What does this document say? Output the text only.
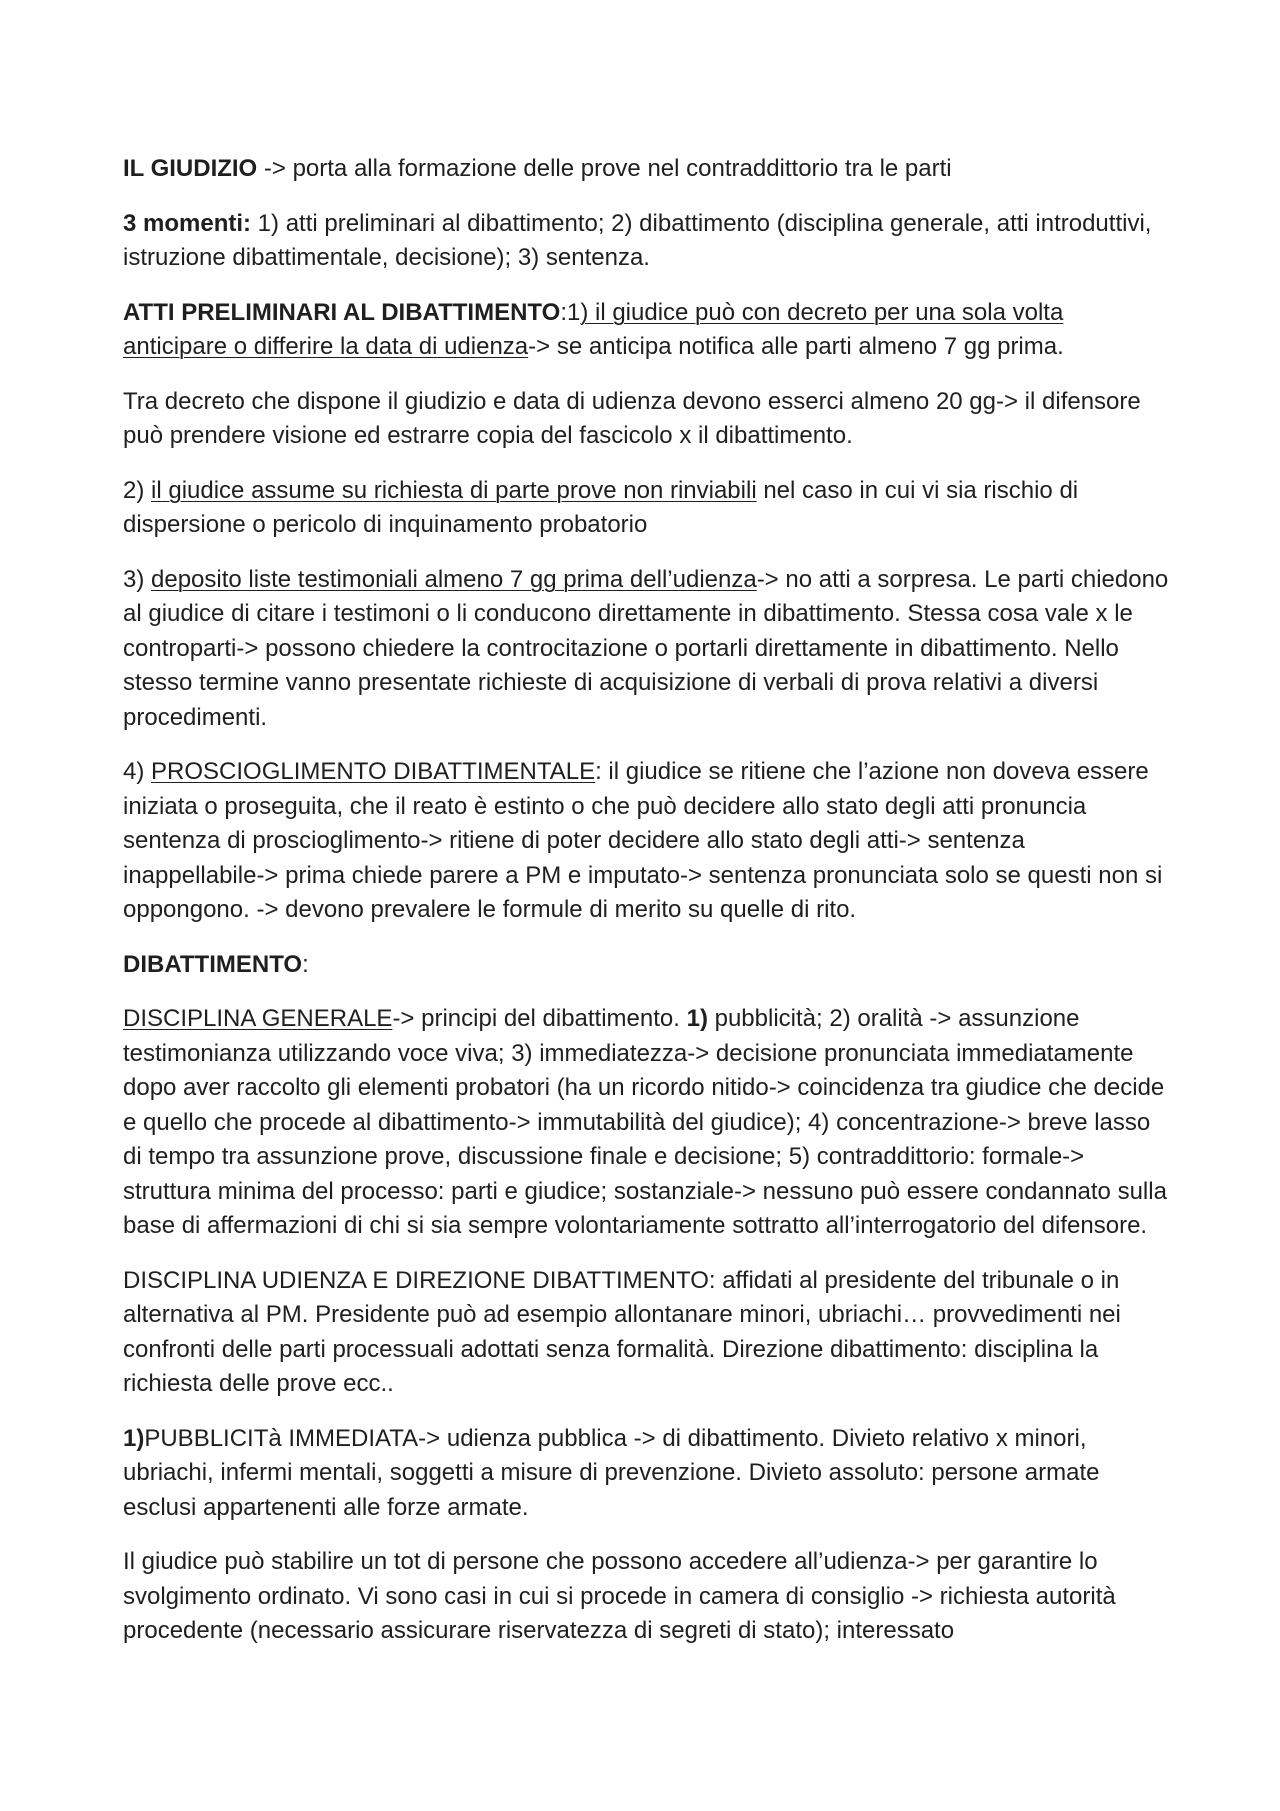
IL GIUDIZIO -> porta alla formazione delle prove nel contraddittorio tra le parti

3 momenti: 1) atti preliminari al dibattimento; 2) dibattimento (disciplina generale, atti introduttivi, istruzione dibattimentale, decisione); 3) sentenza.

ATTI PRELIMINARI AL DIBATTIMENTO:1) il giudice può con decreto per una sola volta anticipare o differire la data di udienza-> se anticipa notifica alle parti almeno 7 gg prima.

Tra decreto che dispone il giudizio e data di udienza devono esserci almeno 20 gg-> il difensore può prendere visione ed estrarre copia del fascicolo x il dibattimento.

2) il giudice assume su richiesta di parte prove non rinviabili nel caso in cui vi sia rischio di dispersione o pericolo di inquinamento probatorio

3) deposito liste testimoniali almeno 7 gg prima dell’udienza-> no atti a sorpresa. Le parti chiedono al giudice di citare i testimoni o li conducono direttamente in dibattimento. Stessa cosa vale x le controparti-> possono chiedere la controcitazione o portarli direttamente in dibattimento. Nello stesso termine vanno presentate richieste di acquisizione di verbali di prova relativi a diversi procedimenti.

4) PROSCIOGLIMENTO DIBATTIMENTALE: il giudice se ritiene che l’azione non doveva essere iniziata o proseguita, che il reato è estinto o che può decidere allo stato degli atti pronuncia sentenza di proscioglimento-> ritiene di poter decidere allo stato degli atti-> sentenza inappellabile-> prima chiede parere a PM e imputato-> sentenza pronunciata solo se questi non si oppongono. -> devono prevalere le formule di merito su quelle di rito.

DIBATTIMENTO:

DISCIPLINA GENERALE-> principi del dibattimento. 1) pubblicità; 2) oralità -> assunzione testimonianza utilizzando voce viva; 3) immediatezza-> decisione pronunciata immediatamente dopo aver raccolto gli elementi probatori (ha un ricordo nitido-> coincidenza tra giudice che decide e quello che procede al dibattimento-> immutabilità del giudice); 4) concentrazione-> breve lasso di tempo tra assunzione prove, discussione finale e decisione; 5) contraddittorio: formale-> struttura minima del processo: parti e giudice; sostanziale-> nessuno può essere condannato sulla base di affermazioni di chi si sia sempre volontariamente sottratto all’interrogatorio del difensore.

DISCIPLINA UDIENZA E DIREZIONE DIBATTIMENTO: affidati al presidente del tribunale o in alternativa al PM. Presidente può ad esempio allontanare minori, ubriachi… provvedimenti nei confronti delle parti processuali adottati senza formalità. Direzione dibattimento: disciplina la richiesta delle prove ecc..

1)PUBBLICITà IMMEDIATA-> udienza pubblica -> di dibattimento. Divieto relativo x minori, ubriachi, infermi mentali, soggetti a misure di prevenzione. Divieto assoluto: persone armate esclusi appartenenti alle forze armate.

Il giudice può stabilire un tot di persone che possono accedere all’udienza-> per garantire lo svolgimento ordinato. Vi sono casi in cui si procede in camera di consiglio -> richiesta autorità procedente (necessario assicurare riservatezza di segreti di stato); interessato
